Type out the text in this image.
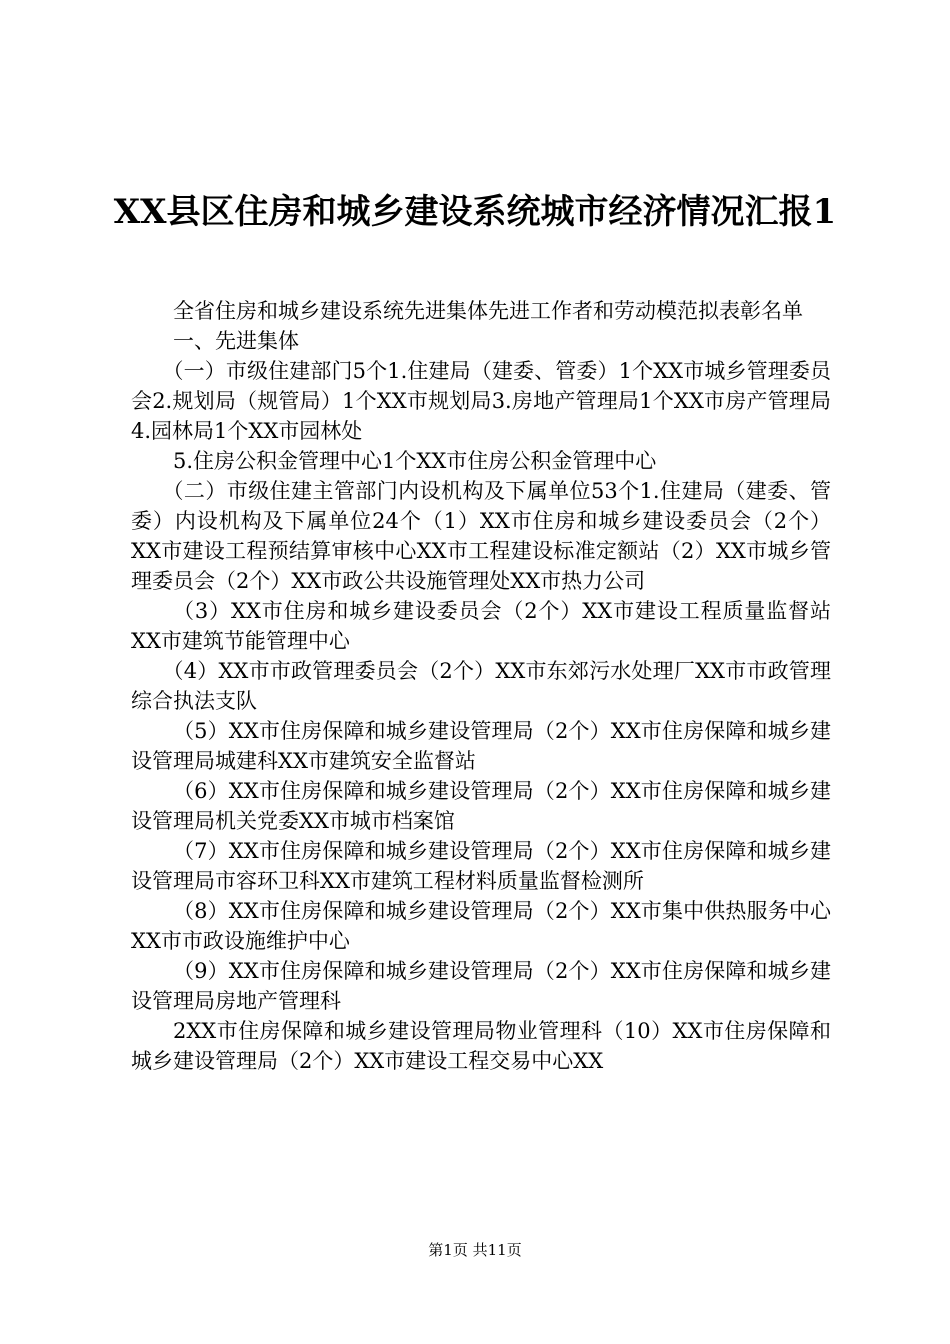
XX县区住房和城乡建设系统城市经济情况汇报1

全省住房和城乡建设系统先进集体先进工作者和劳动模范拟表彰名单

一、先进集体

（一）市级住建部门5个1.住建局（建委、管委）1个XX市城乡管理委员会2.规划局（规管局）1个XX市规划局3.房地产管理局1个XX市房产管理局4.园林局1个XX市园林处

5.住房公积金管理中心1个XX市住房公积金管理中心

（二）市级住建主管部门内设机构及下属单位53个1.住建局（建委、管委）内设机构及下属单位24个（1）XX市住房和城乡建设委员会（2个）XX市建设工程预结算审核中心XX市工程建设标准定额站（2）XX市城乡管理委员会（2个）XX市政公共设施管理处XX市热力公司

（3）XX市住房和城乡建设委员会（2个）XX市建设工程质量监督站XX市建筑节能管理中心

（4）XX市市政管理委员会（2个）XX市东郊污水处理厂XX市市政管理综合执法支队

（5）XX市住房保障和城乡建设管理局（2个）XX市住房保障和城乡建设管理局城建科XX市建筑安全监督站

（6）XX市住房保障和城乡建设管理局（2个）XX市住房保障和城乡建设管理局机关党委XX市城市档案馆

（7）XX市住房保障和城乡建设管理局（2个）XX市住房保障和城乡建设管理局市容环卫科XX市建筑工程材料质量监督检测所

（8）XX市住房保障和城乡建设管理局（2个）XX市集中供热服务中心XX市市政设施维护中心

（9）XX市住房保障和城乡建设管理局（2个）XX市住房保障和城乡建设管理局房地产管理科

2XX市住房保障和城乡建设管理局物业管理科（10）XX市住房保障和城乡建设管理局（2个）XX市建设工程交易中心XX

第1页 共11页
